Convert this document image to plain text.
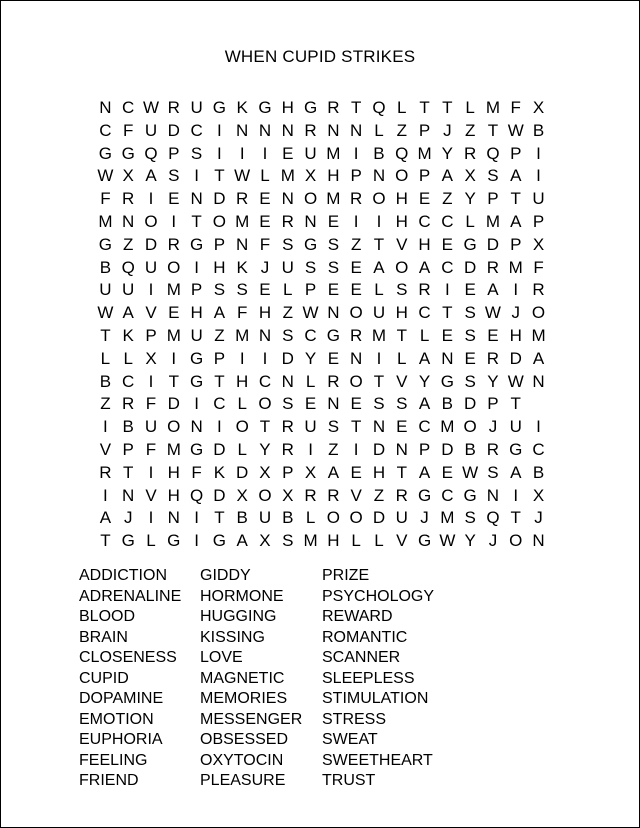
WHEN CUPID STRIKES
N C W R U G K G H G R T Q L T T L M F X
C F U D C I N N N R N N L Z P J Z T W B
G G Q P S I	I	I E U M I B Q M Y R Q P I
W X A S I T W L M X H P N O P A X S A I
F R I E N D R E N O M R O H E Z Y P T U
M N O I T O M E R N E I	I H C C L M A P
G Z D R G P N F S G S Z T V H E G D P X
B Q U O I H K J U S S E A O A C D R M F
U U I M P S S E L P E E L S R I E A I R
W A V E H A F H Z W N O U H C T S W J O
T K P M U Z M N S C G R M T L E S E H M
L L X I G P I	I D Y E N I L A N E R D A
B C I T G T H C N L R O T V Y G S Y W N
Z R F D I C L O S E N E S S A B D P T
I B U O N I O T R U S T N E C M O J U I
V P F M G D L Y R I Z I D N P D B R G C
R T I H F K D X P X A E H T A E W S A B
I N V H Q D X O X R R V Z R G C G N I X
A J I N I T B U B L O O D U J M S Q T J
T G L G I G A X S M H L L V G W Y J O N
ADDICTION
ADRENALINE
BLOOD
BRAIN
CLOSENESS
CUPID
DOPAMINE
EMOTION
EUPHORIA
FEELING
FRIEND
GIDDY
HORMONE
HUGGING
KISSING
LOVE
MAGNETIC
MEMORIES
MESSENGER
OBSESSED
OXYTOCIN
PLEASURE
PRIZE
PSYCHOLOGY
REWARD
ROMANTIC
SCANNER
SLEEPLESS
STIMULATION
STRESS
SWEAT
SWEETHEART
TRUST
